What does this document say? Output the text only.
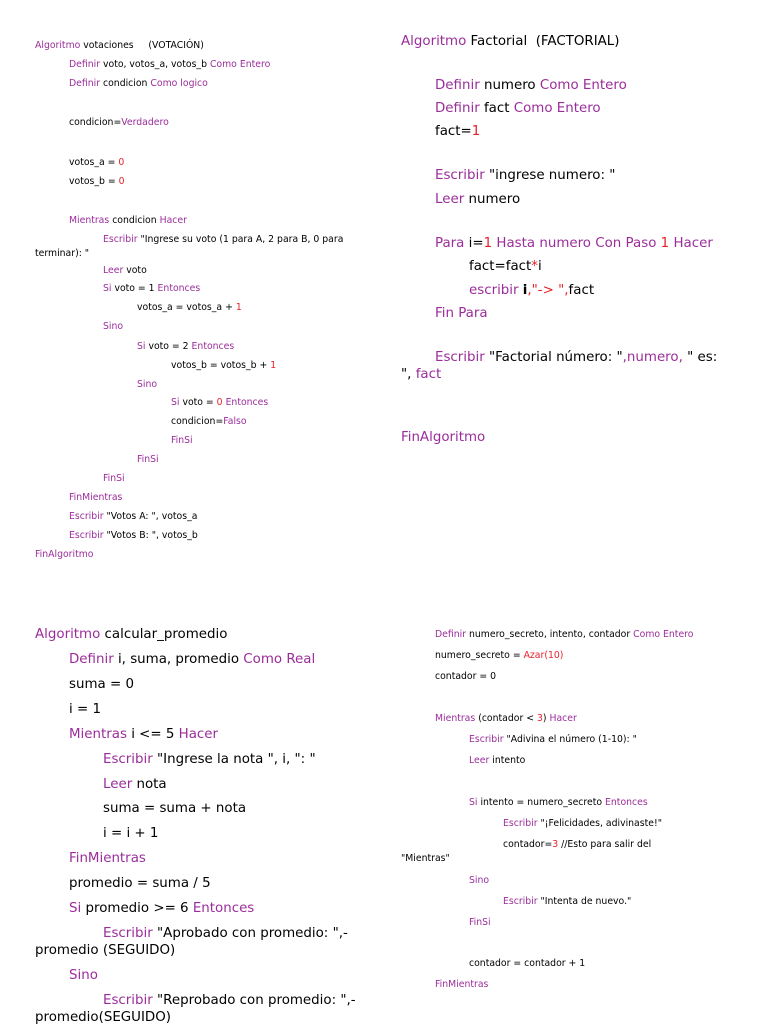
Algoritmo votaciones     (VOTACIÓN)
Definir voto, votos_a, votos_b Como Entero
Definir condicion Como logico
condicion=Verdadero
votos_a = 0
votos_b = 0
Mientras condicion Hacer
Escribir "Ingrese su voto (1 para A, 2 para B, 0 para
terminar): "
Leer voto
Si voto = 1 Entonces
votos_a = votos_a + 1
Sino
Si voto = 2 Entonces
votos_b = votos_b + 1
Sino
Si voto = 0 Entonces
condicion=Falso
FinSi
FinSi
FinSi
FinMientras
Escribir "Votos A: ", votos_a
Escribir "Votos B: ", votos_b
FinAlgoritmo
Algoritmo Factorial  (FACTORIAL)
Definir numero Como Entero
Definir fact Como Entero
fact=1
Escribir "ingrese numero: "
Leer numero
Para i=1 Hasta numero Con Paso 1 Hacer
fact=fact*i
escribir i,"-> ",fact
Fin Para
Escribir "Factorial número: ",numero, " es:
", fact
FinAlgoritmo
Algoritmo calcular_promedio
Definir i, suma, promedio Como Real
suma = 0
i = 1
Mientras i <= 5 Hacer
Escribir "Ingrese la nota ", i, ": "
Leer nota
suma = suma + nota
i = i + 1
FinMientras
promedio = suma / 5
Si promedio >= 6 Entonces
Escribir "Aprobado con promedio: ",-
promedio (SEGUIDO)
Sino
Escribir "Reprobado con promedio: ",-
promedio(SEGUIDO)
Definir numero_secreto, intento, contador Como Entero
numero_secreto = Azar(10)
contador = 0
Mientras (contador < 3) Hacer
Escribir "Adivina el número (1-10): "
Leer intento
Si intento = numero_secreto Entonces
Escribir "¡Felicidades, adivinaste!"
contador=3 //Esto para salir del
"Mientras"
Sino
Escribir "Intenta de nuevo."
FinSi
contador = contador + 1
FinMientras
